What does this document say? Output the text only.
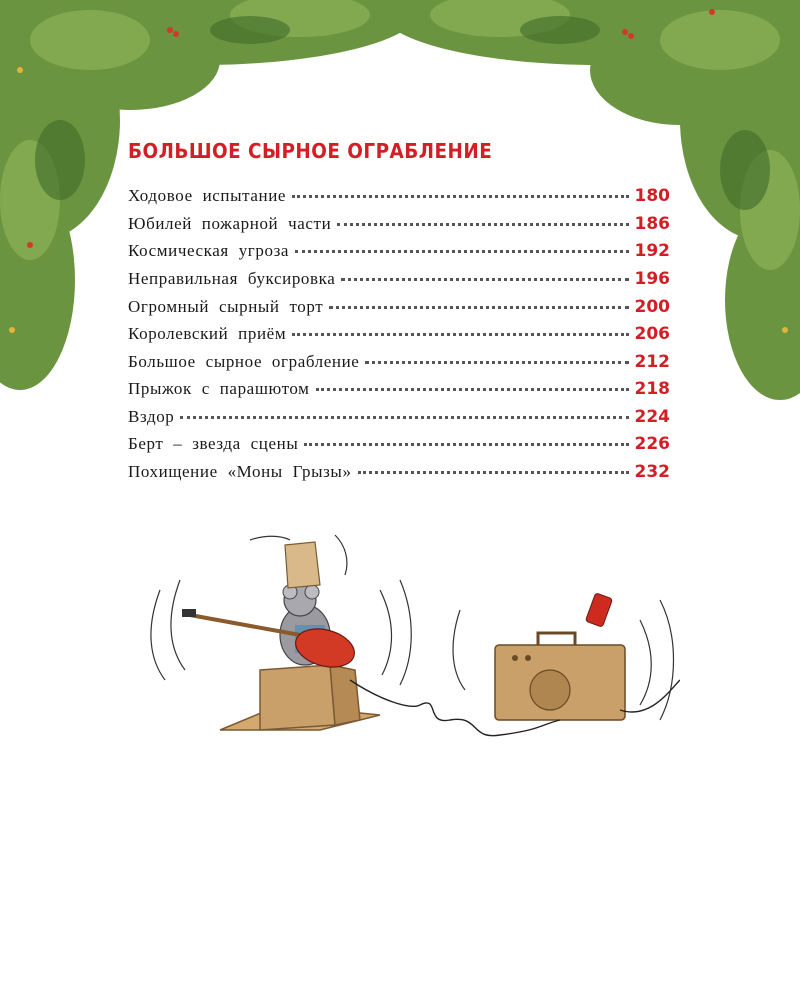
БОЛЬШОЕ СЫРНОЕ ОГРАБЛЕНИЕ
Ходовое испытание	180
Юбилей пожарной части	186
Космическая угроза	192
Неправильная буксировка	196
Огромный сырный торт	200
Королевский приём	206
Большое сырное ограбление	212
Прыжок с парашютом	218
Вздор	224
Берт – звезда сцены	226
Похищение «Моны Грызы»	232
